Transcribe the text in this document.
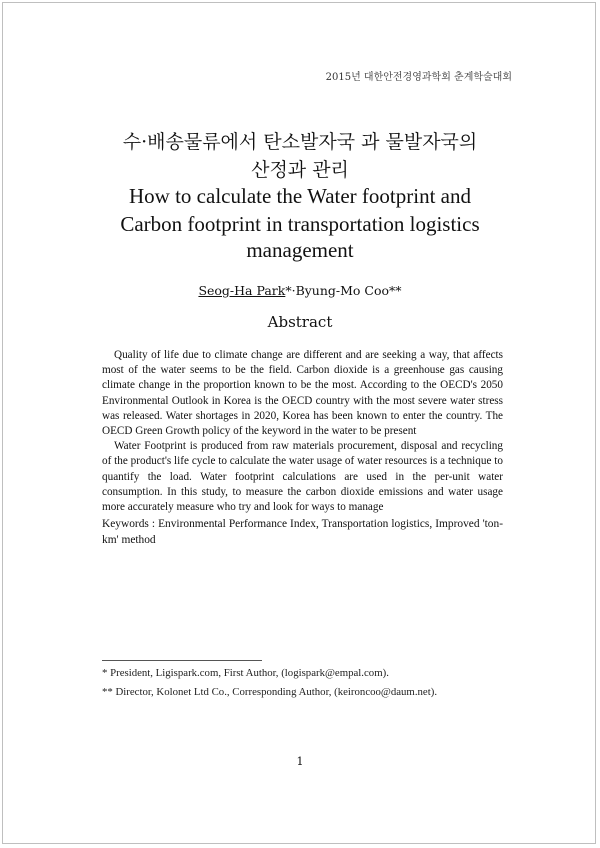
2015년 대한안전경영과학회 춘계학술대회
수·배송물류에서 탄소발자국 과 물발자국의
산정과 관리
How to calculate the Water footprint and
Carbon footprint in transportation logistics
management
Seog-Ha Park*·Byung-Mo Coo**
Abstract

Quality of life due to climate change are different and are seeking a way, that affects most of the water seems to be the field. Carbon dioxide is a greenhouse gas causing climate change in the proportion known to be the most. According to the OECD's 2050 Environmental Outlook in Korea is the OECD country with the most severe water stress was released. Water shortages in 2020, Korea has been known to enter the country. The OECD Green Growth policy of the keyword in the water to be present

Water Footprint is produced from raw materials procurement, disposal and recycling of the product's life cycle to calculate the water usage of water resources is a technique to quantify the load. Water footprint calculations are used in the per-unit water consumption. In this study, to measure the carbon dioxide emissions and water usage more accurately measure who try and look for ways to manage

Keywords : Environmental Performance Index, Transportation logistics, Improved 'ton-km' method
* President, Ligispark.com, First Author, (logispark@empal.com).
** Director, Kolonet Ltd Co., Corresponding Author, (keironcoo@daum.net).
1
